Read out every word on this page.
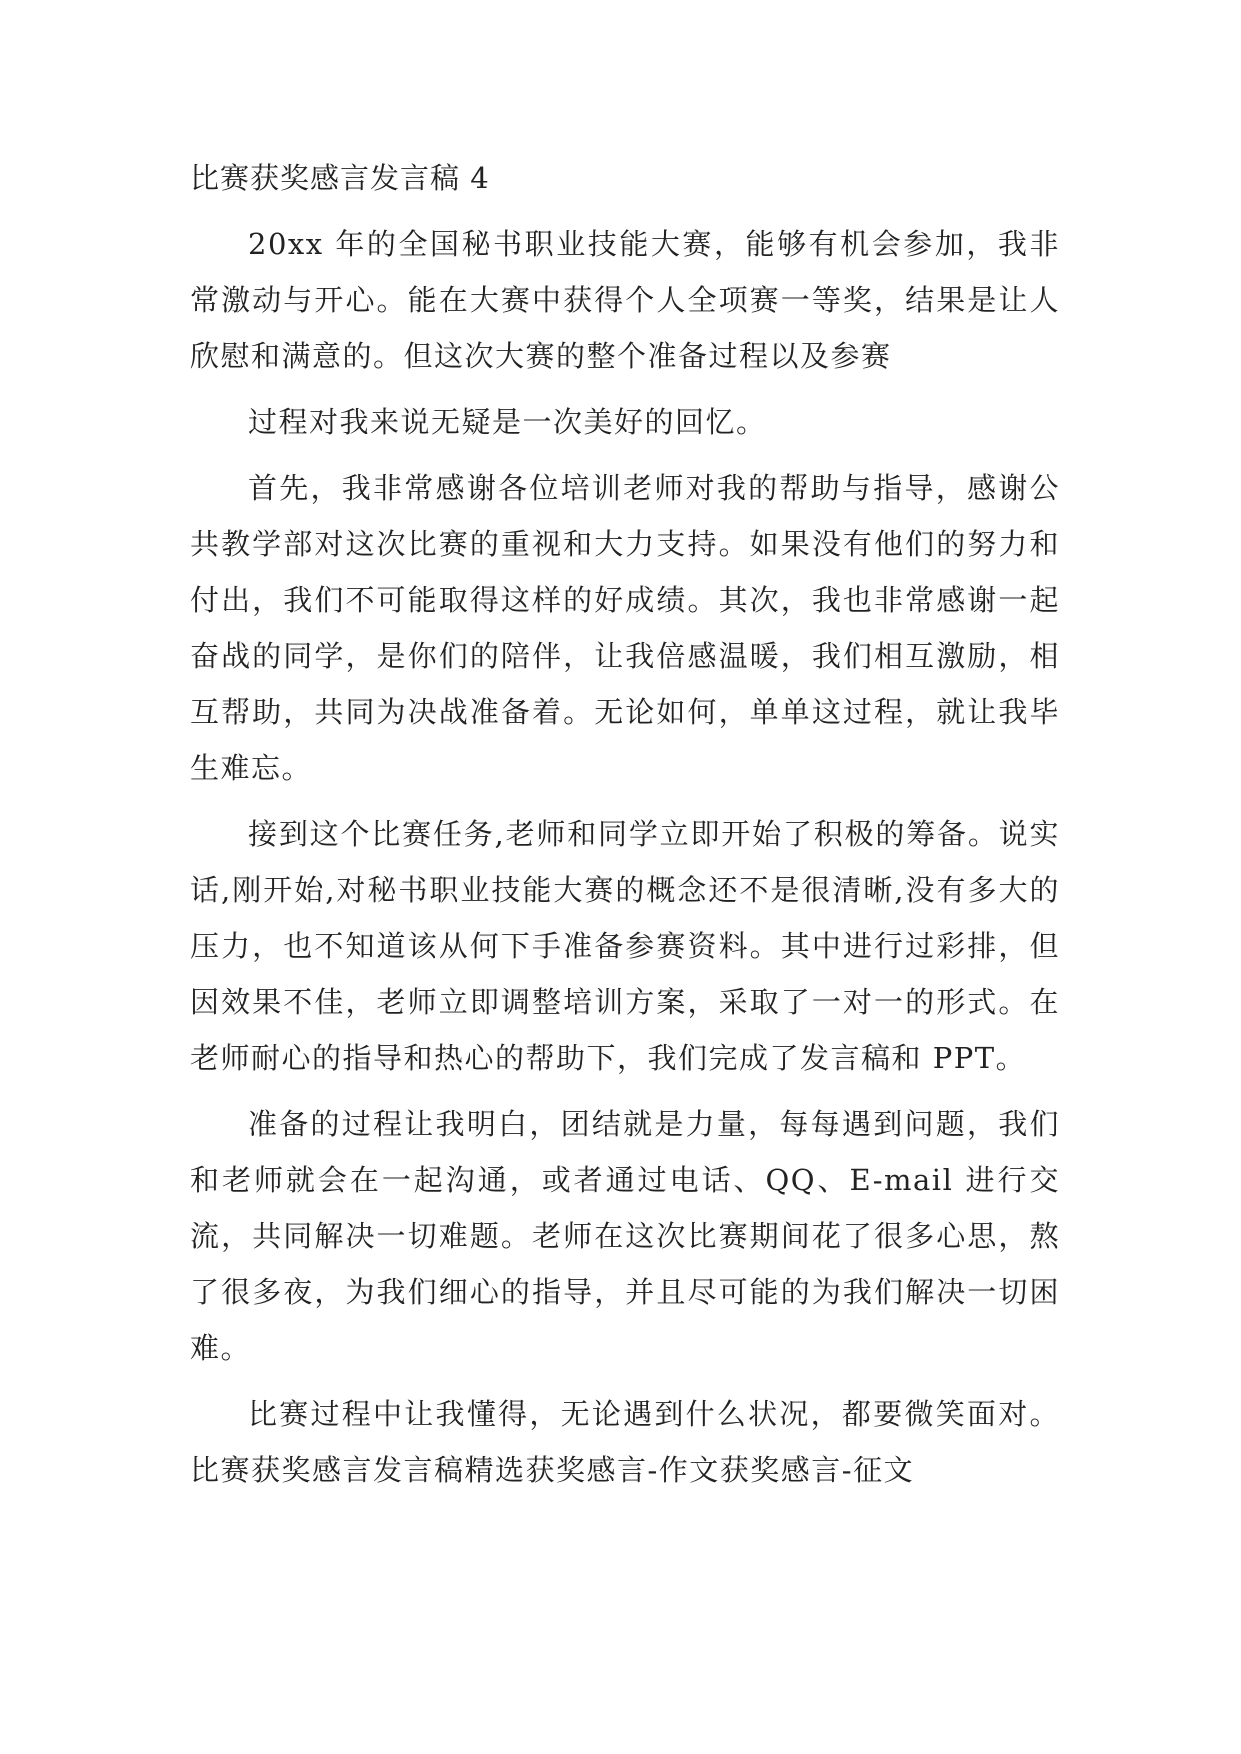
比赛获奖感言发言稿 4

20xx 年的全国秘书职业技能大赛，能够有机会参加，我非常激动与开心。能在大赛中获得个人全项赛一等奖，结果是让人欣慰和满意的。但这次大赛的整个准备过程以及参赛

过程对我来说无疑是一次美好的回忆。

首先，我非常感谢各位培训老师对我的帮助与指导，感谢公共教学部对这次比赛的重视和大力支持。如果没有他们的努力和付出，我们不可能取得这样的好成绩。其次，我也非常感谢一起奋战的同学，是你们的陪伴，让我倍感温暖，我们相互激励，相互帮助，共同为决战准备着。无论如何，单单这过程，就让我毕生难忘。

接到这个比赛任务,老师和同学立即开始了积极的筹备。说实话,刚开始,对秘书职业技能大赛的概念还不是很清晰,没有多大的压力，也不知道该从何下手准备参赛资料。其中进行过彩排，但因效果不佳，老师立即调整培训方案，采取了一对一的形式。在老师耐心的指导和热心的帮助下，我们完成了发言稿和 PPT。

准备的过程让我明白，团结就是力量，每每遇到问题，我们和老师就会在一起沟通，或者通过电话、QQ、E-mail 进行交流，共同解决一切难题。老师在这次比赛期间花了很多心思，熬了很多夜，为我们细心的指导，并且尽可能的为我们解决一切困难。

比赛过程中让我懂得，无论遇到什么状况，都要微笑面对。比赛获奖感言发言稿精选获奖感言-作文获奖感言-征文
